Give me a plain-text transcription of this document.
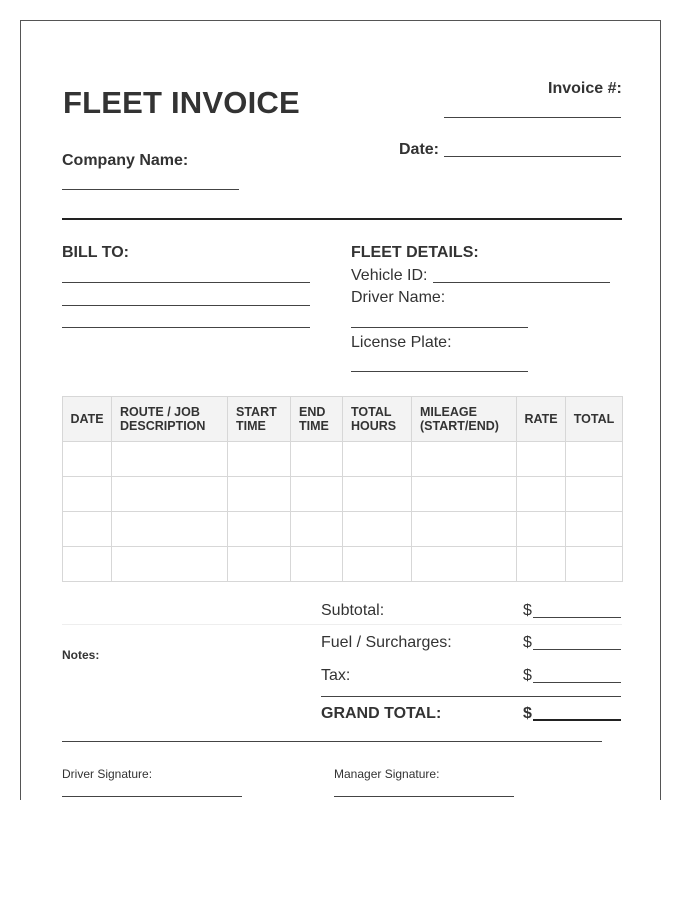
FLEET INVOICE	Invoice #:
Date:
Company Name:
BILL TO:	FLEET DETAILS:
Vehicle ID:
Driver Name:
License Plate:
DATE	ROUTE / JOB DESCRIPTION	START TIME	END TIME	TOTAL HOURS	MILEAGE (START/END)	RATE	TOTAL

Notes:
Subtotal:	$
Fuel / Surcharges:	$
Tax:	$
GRAND TOTAL:	$
Driver Signature:	Manager Signature:
